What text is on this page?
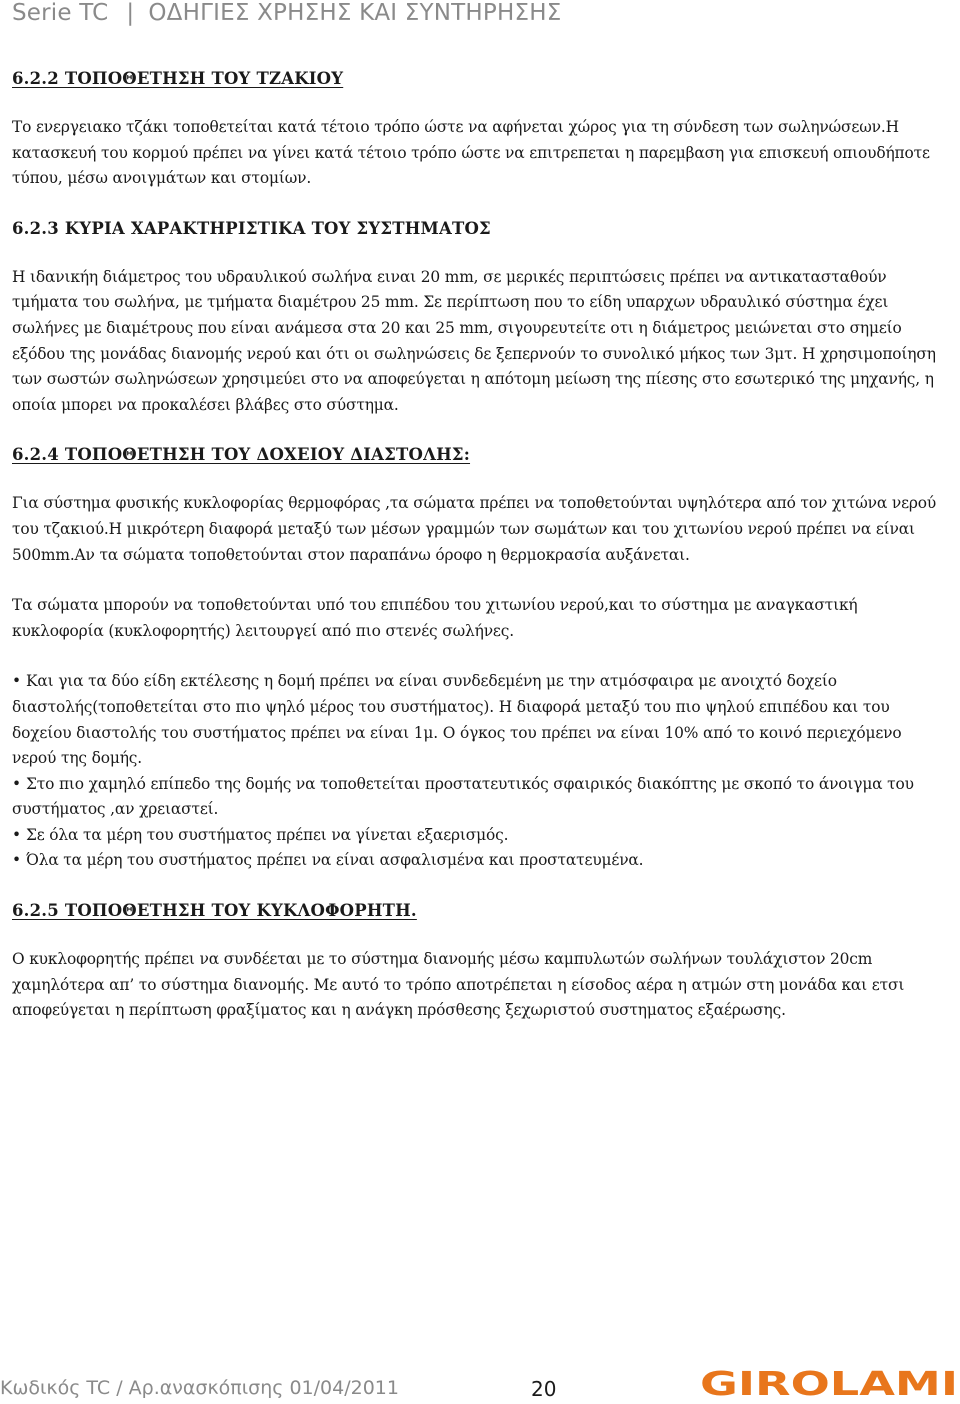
Serie TC | ΟΔΗΓΙΕΣ ΧΡΗΣΗΣ ΚΑΙ ΣΥΝΤΗΡΗΣΗΣ
6.2.2 ΤΟΠΟΘΕΤΗΣΗ ΤΟΥ ΤΖΑΚΙΟΥ

Το ενεργειακο τζάκι τοποθετείται κατά τέτοιο τρόπο ώστε να αφήνεται χώρος για τη σύνδεση των σωληνώσεων.Η κατασκευή του κορμού πρέπει να γίνει κατά τέτοιο τρόπο ώστε να επιτρεπεται η παρεμβαση για επισκευή οπιουδήποτε τύπου, μέσω ανοιγμάτων και στομίων.

6.2.3 ΚΥΡΙΑ ΧΑΡΑΚΤΗΡΙΣΤΙΚΑ ΤΟΥ ΣΥΣΤΗΜΑΤΟΣ

Η ιδανικήη διάμετρος του υδραυλικού σωλήνα ειναι 20 mm, σε μερικές περιπτώσεις πρέπει να αντικατασταθούν τμήματα του σωλήνα, με τμήματα διαμέτρου 25 mm. Σε περίπτωση που το είδη υπαρχων υδραυλικό σύστημα έχει σωλήνες με διαμέτρους που είναι ανάμεσα στα 20 και 25 mm, σιγουρευτείτε οτι η διάμετρος μειώνεται στο σημείο εξόδου της μονάδας διανομής νερού και ότι οι σωληνώσεις δε ξεπερνούν το συνολικό μήκος των 3μτ. Η χρησιμοποίηση των σωστών σωληνώσεων χρησιμεύει στο να αποφεύγεται η απότομη μείωση της πίεσης στο εσωτερικό της μηχανής, η οποία μπορει να προκαλέσει βλάβες στο σύστημα.

6.2.4 ΤΟΠΟΘΕΤΗΣΗ ΤΟΥ ΔΟΧΕΙΟΥ ΔΙΑΣΤΟΛΗΣ:

Για σύστημα φυσικής κυκλοφορίας θερμοφόρας ,τα σώματα πρέπει να τοποθετούνται υψηλότερα από τον χιτώνα νερού του τζακιού.Η μικρότερη διαφορά μεταξύ των μέσων γραμμών των σωμάτων και του χιτωνίου νερού πρέπει να είναι 500mm.Αν τα σώματα τοποθετούνται στον παραπάνω όροφο η θερμοκρασία αυξάνεται.

Τα σώματα μπορούν να τοποθετούνται υπό του επιπέδου του χιτωνίου νερού,και το σύστημα με αναγκαστική κυκλοφορία (κυκλοφορητής) λειτουργεί από πιο στενές σωλήνες.

• Και για τα δύο είδη εκτέλεσης η δομή πρέπει να είναι συνδεδεμένη με την ατμόσφαιρα με ανοιχτό δοχείο διαστολής(τοποθετείται στο πιο ψηλό μέρος του συστήματος). Η διαφορά μεταξύ του πιο ψηλού επιπέδου και του δοχείου διαστολής του συστήματος πρέπει να είναι 1μ. Ο όγκος του πρέπει να είναι 10% από το κοινό περιεχόμενο νερού της δομής.
• Στο πιο χαμηλό επίπεδο της δομής να τοποθετείται προστατευτικός σφαιρικός διακόπτης με σκοπό το άνοιγμα του συστήματος ,αν χρειαστεί.
• Σε όλα τα μέρη του συστήματος πρέπει να γίνεται εξαερισμός.
• Όλα τα μέρη του συστήματος πρέπει να είναι ασφαλισμένα και προστατευμένα.
6.2.5 ΤΟΠΟΘΕΤΗΣΗ ΤΟΥ ΚΥΚΛΟΦΟΡΗΤΗ.

Ο κυκλοφορητής πρέπει να συνδέεται με το σύστημα διανομής μέσω καμπυλωτών σωλήνων τουλάχιστον 20cm χαμηλότερα απ’ το σύστημα διανομής. Με αυτό το τρόπο αποτρέπεται η είσοδος αέρα η ατμών στη μονάδα και ετσι αποφεύγεται η περίπτωση φραξίματος και η ανάγκη πρόσθεσης ξεχωριστού συστηματος εξαέρωσης.

Κωδικός TC / Αρ.ανασκόπισης 01/04/2011	20	GIROLAMI
